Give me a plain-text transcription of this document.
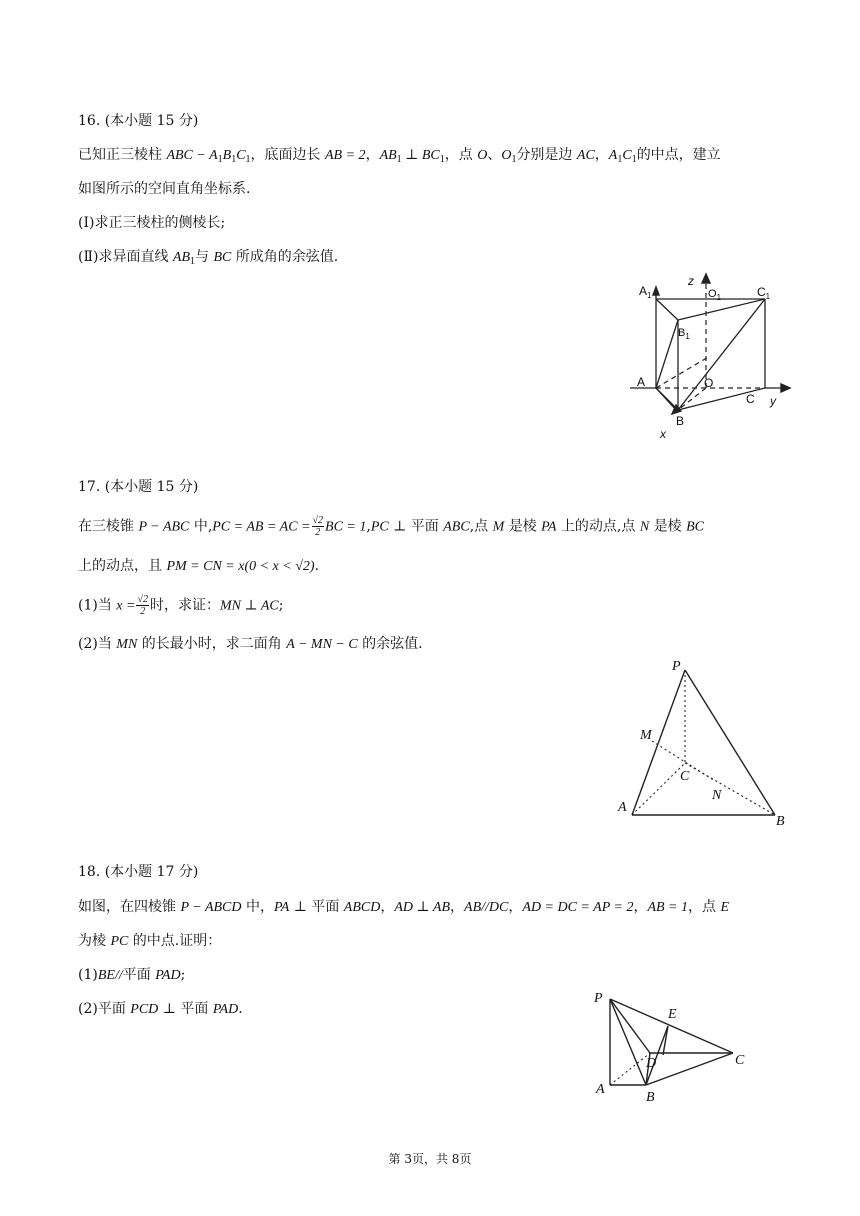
16. (本小题 15 分)
已知正三棱柱 ABC − $A_1B_1C_1$，底面边长 AB = 2，$AB_1$ ⊥ $BC_1$，点 O、$O_1$分别是边 AC，$A_1C_1$的中点，建立
如图所示的空间直角坐标系.
(Ⅰ)求正三棱柱的侧棱长;
(Ⅱ)求异面直线 $AB_1$与 BC 所成角的余弦值.
$A_1$
z
$O_1$	$C_1$
$B_1$
A	O
C y
B
x
17. (本小题 15 分)
在三棱锥 P − ABC 中,PC = AB = AC = $\frac{√2}{2}$ BC = 1,PC ⊥ 平面 ABC,点 M 是棱 PA 上的动点,点 N 是棱 BC
上的动点，且 PM = CN = x(0 < x < √2).
(1)当 $x = \frac{√2}{2}$ 时，求证：MN ⊥ AC;
(2)当 MN 的长最小时，求二面角 A − MN − C 的余弦值.
P
M
C
N
A
B
18. (本小题 17 分)
如图，在四棱锥 P − ABCD 中，PA ⊥ 平面 ABCD，AD ⊥ AB，AB//DC，AD = DC = AP = 2，AB = 1，点 E
为棱 PC 的中点.证明：
(1)BE//平面 PAD;
(2)平面 PCD ⊥ 平面 PAD.
P
E
D	C
A
B
第 3页，共 8页
